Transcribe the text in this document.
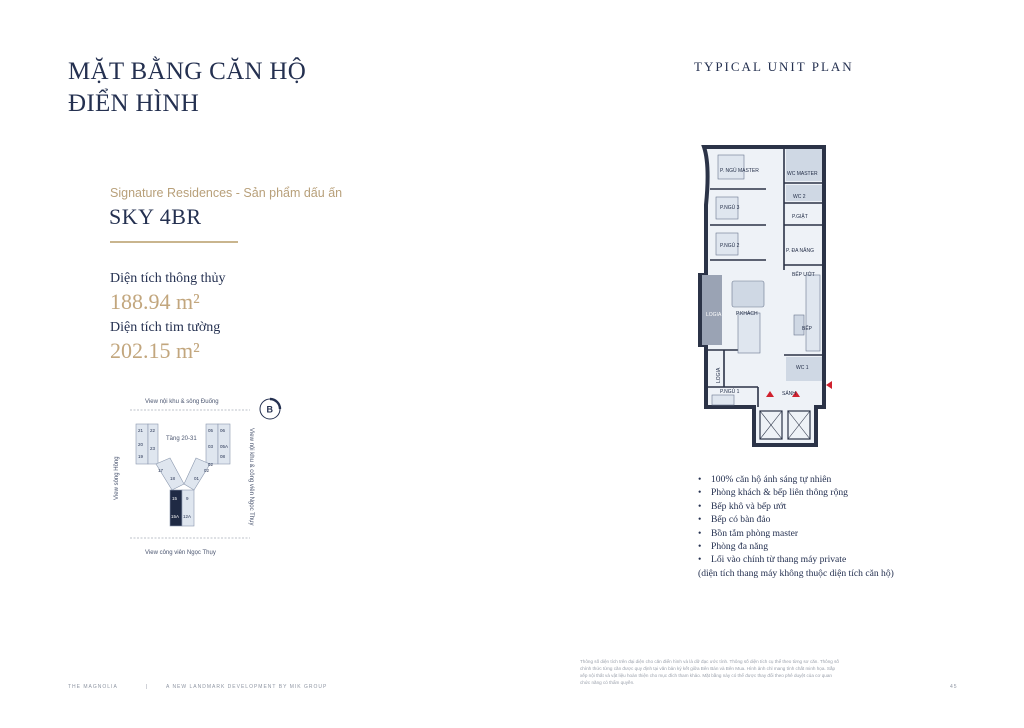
MẶT BẰNG CĂN HỘ
ĐIỂN HÌNH
TYPICAL UNIT PLAN
Signature Residences - Sản phẩm dấu ấn
SKY 4BR
Diện tích thông thủy
188.94 m²
Diện tích tim tường
202.15 m²
View nội khu & sông Đuống
View công viên Ngọc Thụy
View sông Hồng	View nội khu & công viên Ngọc Thụy
B
Tầng 20-31
21 22
20
23
19
05 06
03 05A
02
08
17
18	01
02
15 9
15A 12A
P. NGỦ MASTER	WC MASTER
P.NGỦ 3
WC 2
P.GIẶT
P.NGỦ 2
P. ĐA NĂNG
BẾP ƯỚT
LOGIA	P.KHÁCH
BẾP
WC 1
LOGIA
P.NGỦ 1	SẢNH
• 100% căn hộ ánh sáng tự nhiên
• Phòng khách & bếp liên thông rộng
• Bếp khô và bếp ướt
• Bếp có bàn đảo
• Bồn tắm phòng master
• Phòng đa năng
• Lối vào chính từ thang máy private
(diện tích thang máy không thuộc diện tích căn hộ)
Thông số diện tích trên đại diện cho căn điển hình và là dữ đạc ước tính. Thông số diện tích cụ thể theo từng sơ căn. Thông số chính thức từng căn được quy định tại văn bản ký kết giữa Bên Bán và Bên Mua. Hình ảnh chỉ mang tính chất minh họa. Sắp xếp nội thất và vật liệu hoàn thiện cho mục đích tham khảo. Mặt bằng này có thể được thay đổi theo phê duyệt của cơ quan chức năng có thẩm quyền.
THE MAGNOLIA	|	A NEW LANDMARK DEVELOPMENT BY MIK GROUP	45
